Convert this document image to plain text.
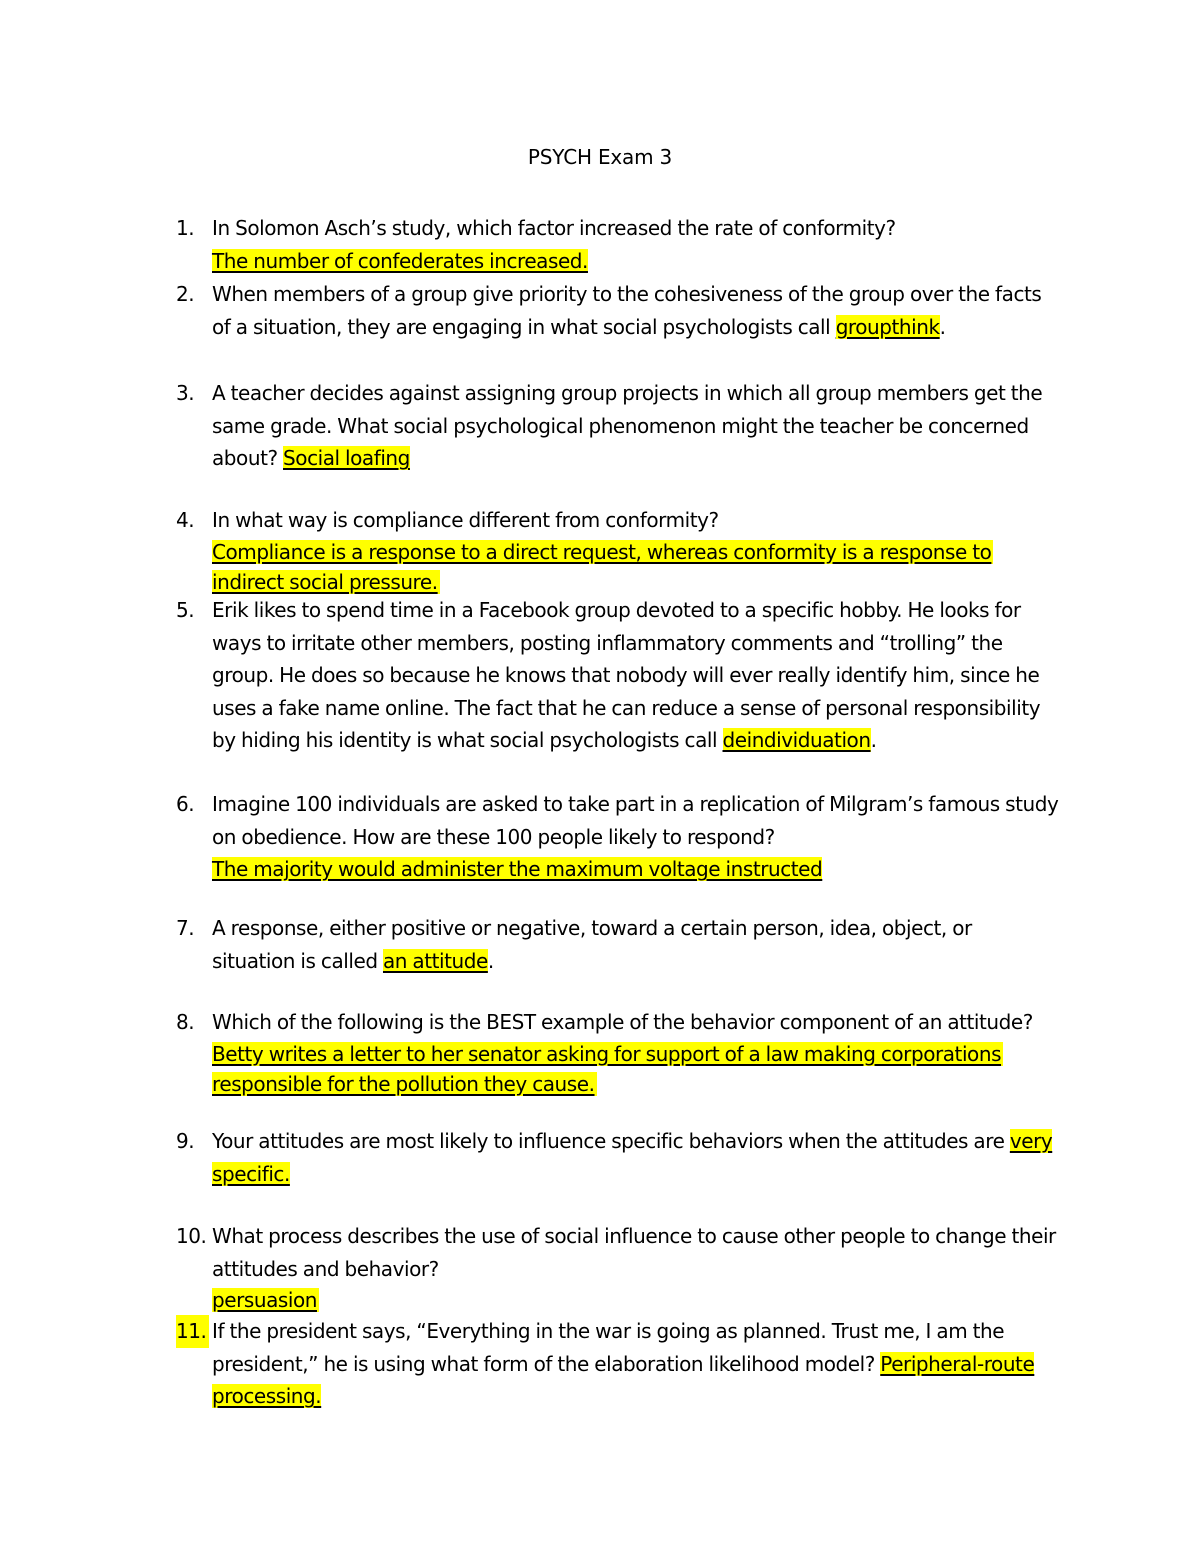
PSYCH Exam 3
1. In Solomon Asch’s study, which factor increased the rate of conformity?
The number of confederates increased.
2. When members of a group give priority to the cohesiveness of the group over the facts
of a situation, they are engaging in what social psychologists call groupthink.
3. A teacher decides against assigning group projects in which all group members get the
same grade. What social psychological phenomenon might the teacher be concerned
about? Social loafing
4. In what way is compliance different from conformity?
Compliance is a response to a direct request, whereas conformity is a response to
indirect social pressure.
5. Erik likes to spend time in a Facebook group devoted to a specific hobby. He looks for
ways to irritate other members, posting inflammatory comments and “trolling” the
group. He does so because he knows that nobody will ever really identify him, since he
uses a fake name online. The fact that he can reduce a sense of personal responsibility
by hiding his identity is what social psychologists call deindividuation.
6. Imagine 100 individuals are asked to take part in a replication of Milgram’s famous study
on obedience. How are these 100 people likely to respond?
The majority would administer the maximum voltage instructed
7. A response, either positive or negative, toward a certain person, idea, object, or
situation is called an attitude.
8. Which of the following is the BEST example of the behavior component of an attitude?
Betty writes a letter to her senator asking for support of a law making corporations
responsible for the pollution they cause.
9. Your attitudes are most likely to influence specific behaviors when the attitudes are very
specific.
10. What process describes the use of social influence to cause other people to change their
attitudes and behavior?
persuasion
11. If the president says, “Everything in the war is going as planned. Trust me, I am the
president,” he is using what form of the elaboration likelihood model? Peripheral-route
processing.
